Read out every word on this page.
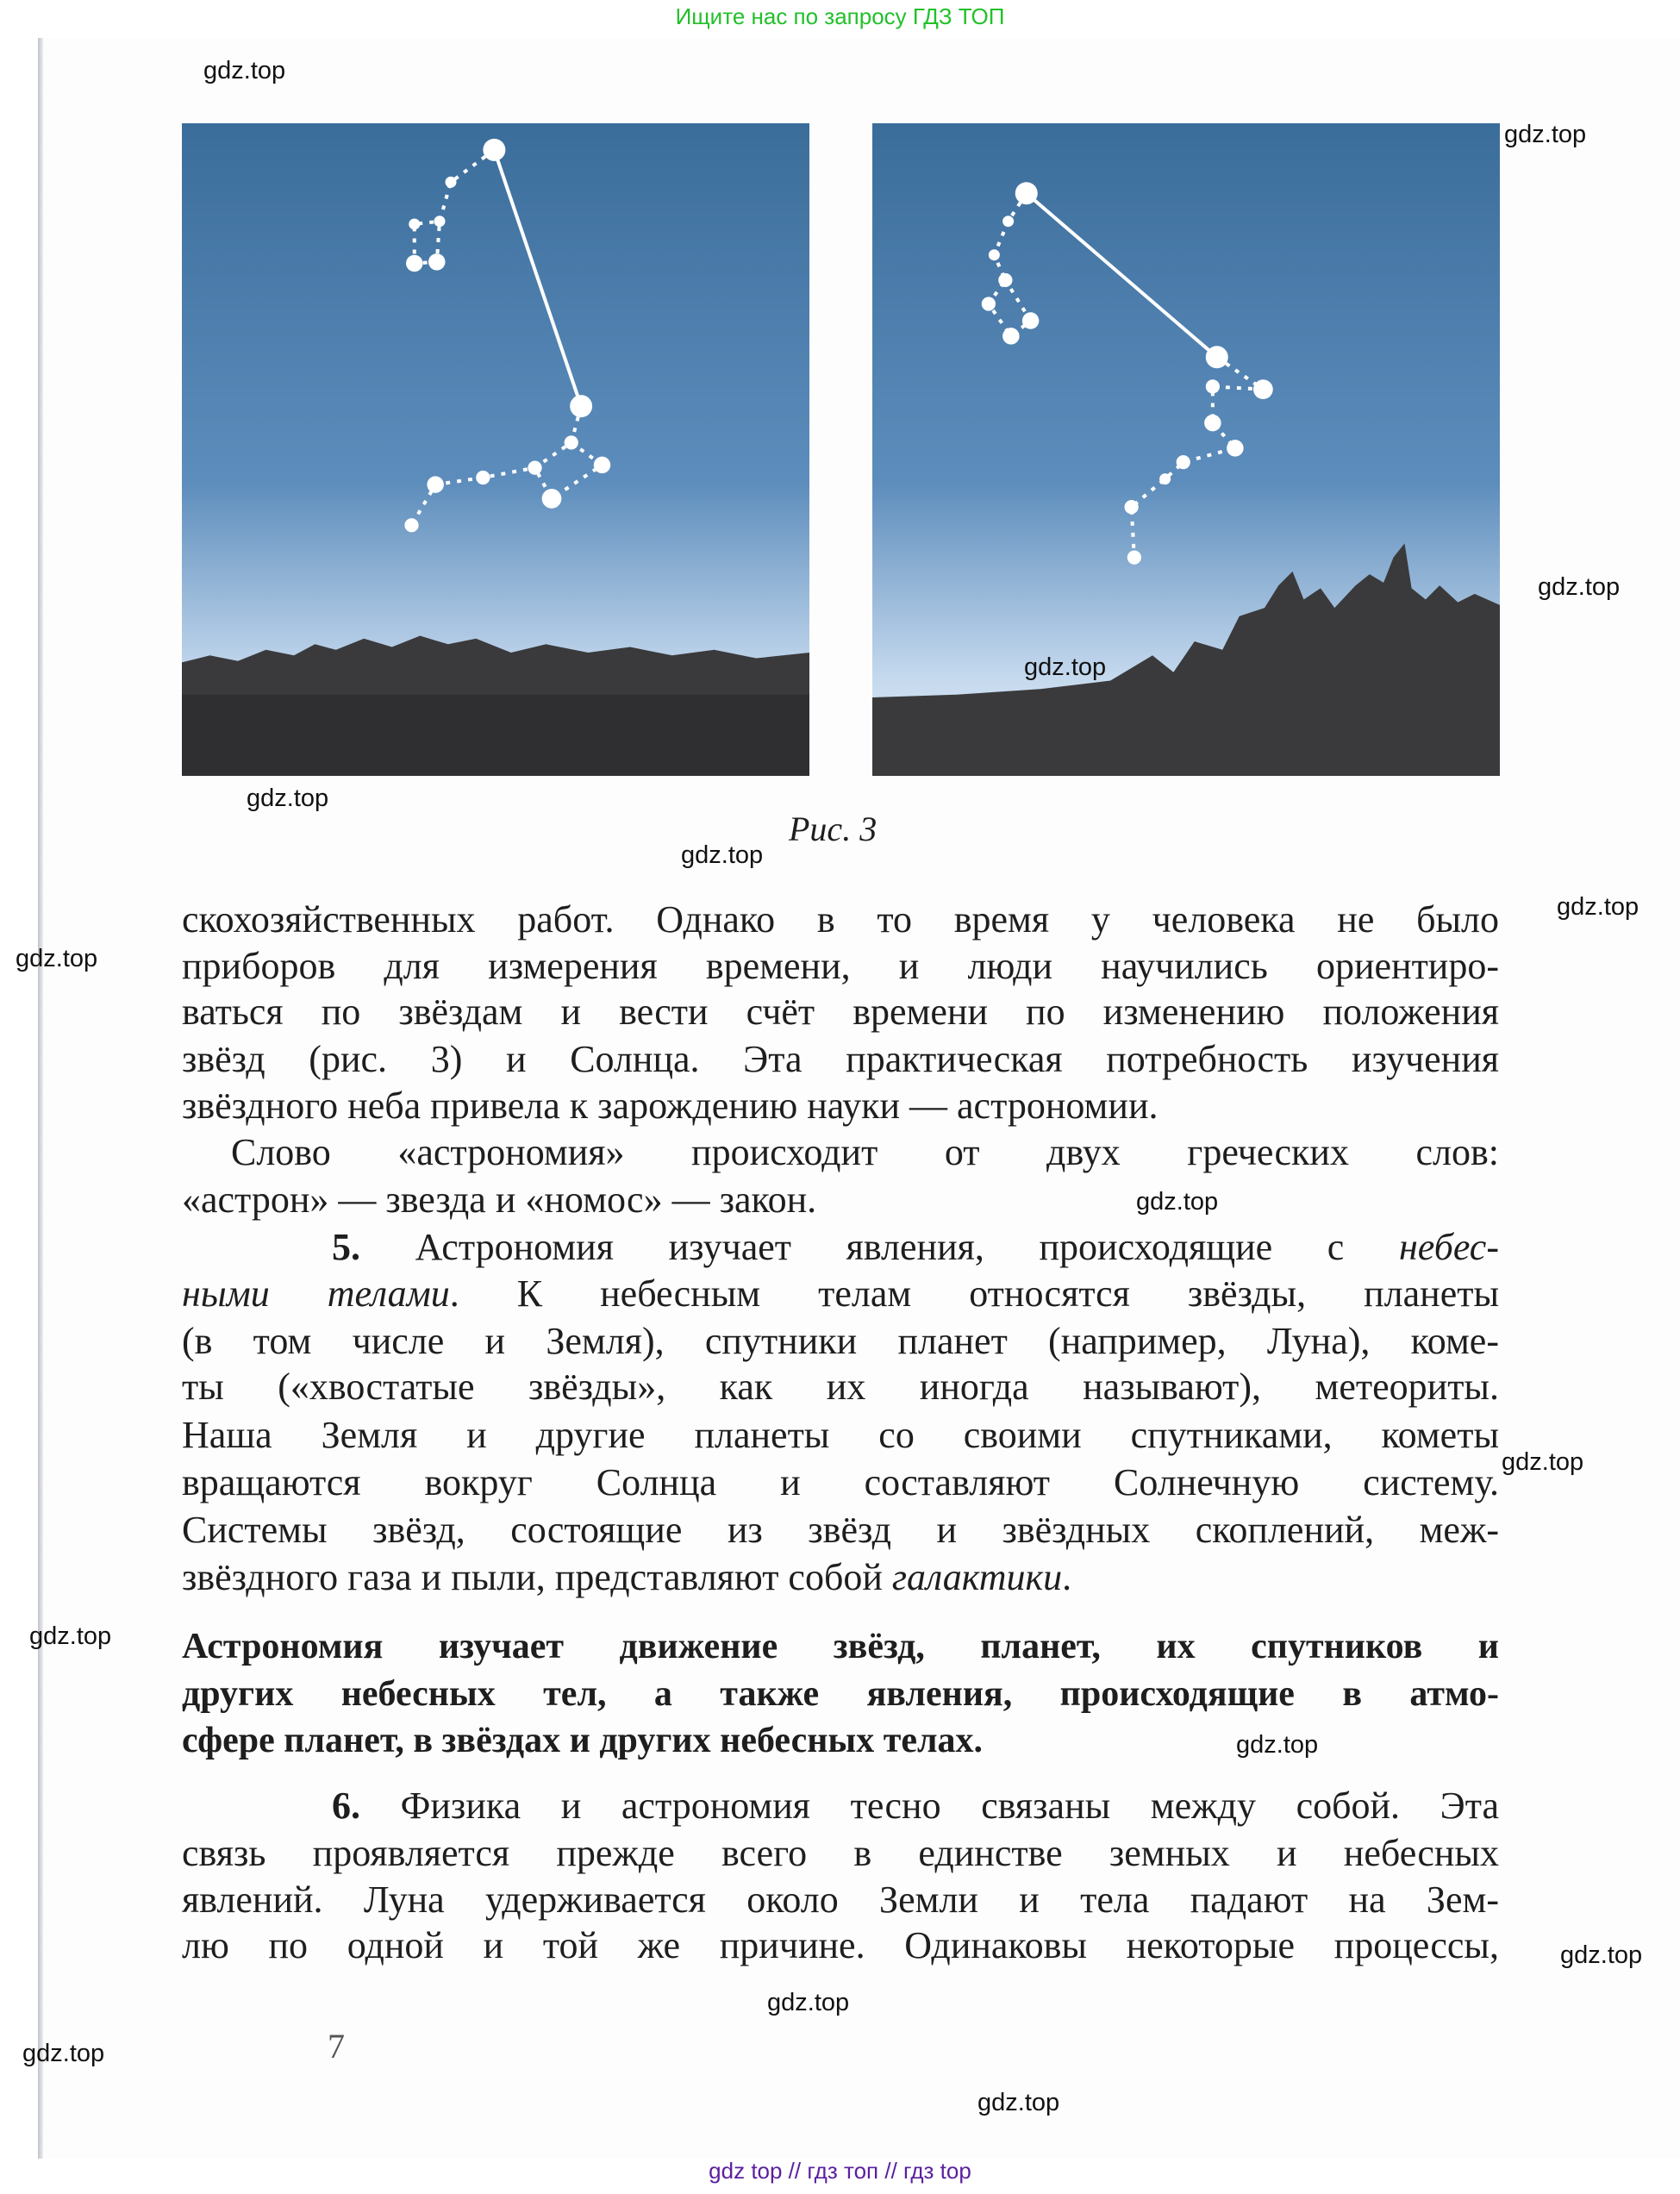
Ищите нас по запросу ГДЗ ТОП
Рис. 3
скохозяйственных работ. Однако в то время у человека не было
приборов для измерения времени, и люди научились ориентиро-
ваться по звёздам и вести счёт времени по изменению положения
звёзд (рис. 3) и Солнца. Эта практическая потребность изучения
звёздного неба привела к зарождению науки — астрономии.
Слово «астрономия» происходит от двух греческих слов:
«астрон» — звезда и «номос» — закон.
5. Астрономия изучает явления, происходящие с небес-
ными телами. К небесным телам относятся звёзды, планеты
(в том числе и Земля), спутники планет (например, Луна), коме-
ты («хвостатые звёзды», как их иногда называют), метеориты.
Наша Земля и другие планеты со своими спутниками, кометы
вращаются вокруг Солнца и составляют Солнечную систему.
Системы звёзд, состоящие из звёзд и звёздных скоплений, меж-
звёздного газа и пыли, представляют собой галактики.
Астрономия изучает движение звёзд, планет, их спутников и
других небесных тел, а также явления, происходящие в атмо-
сфере планет, в звёздах и других небесных телах.
6. Физика и астрономия тесно связаны между собой. Эта
связь проявляется прежде всего в единстве земных и небесных
явлений. Луна удерживается около Земли и тела падают на Зем-
лю по одной и той же причине. Одинаковы некоторые процессы,
gdz.top
gdz.top
gdz.top
gdz.top
gdz.top
gdz.top
gdz.top
gdz.top
gdz.top
gdz.top
gdz.top
gdz.top
gdz.top
gdz.top
gdz.top
gdz.top
7
gdz top // гдз топ // гдз top
